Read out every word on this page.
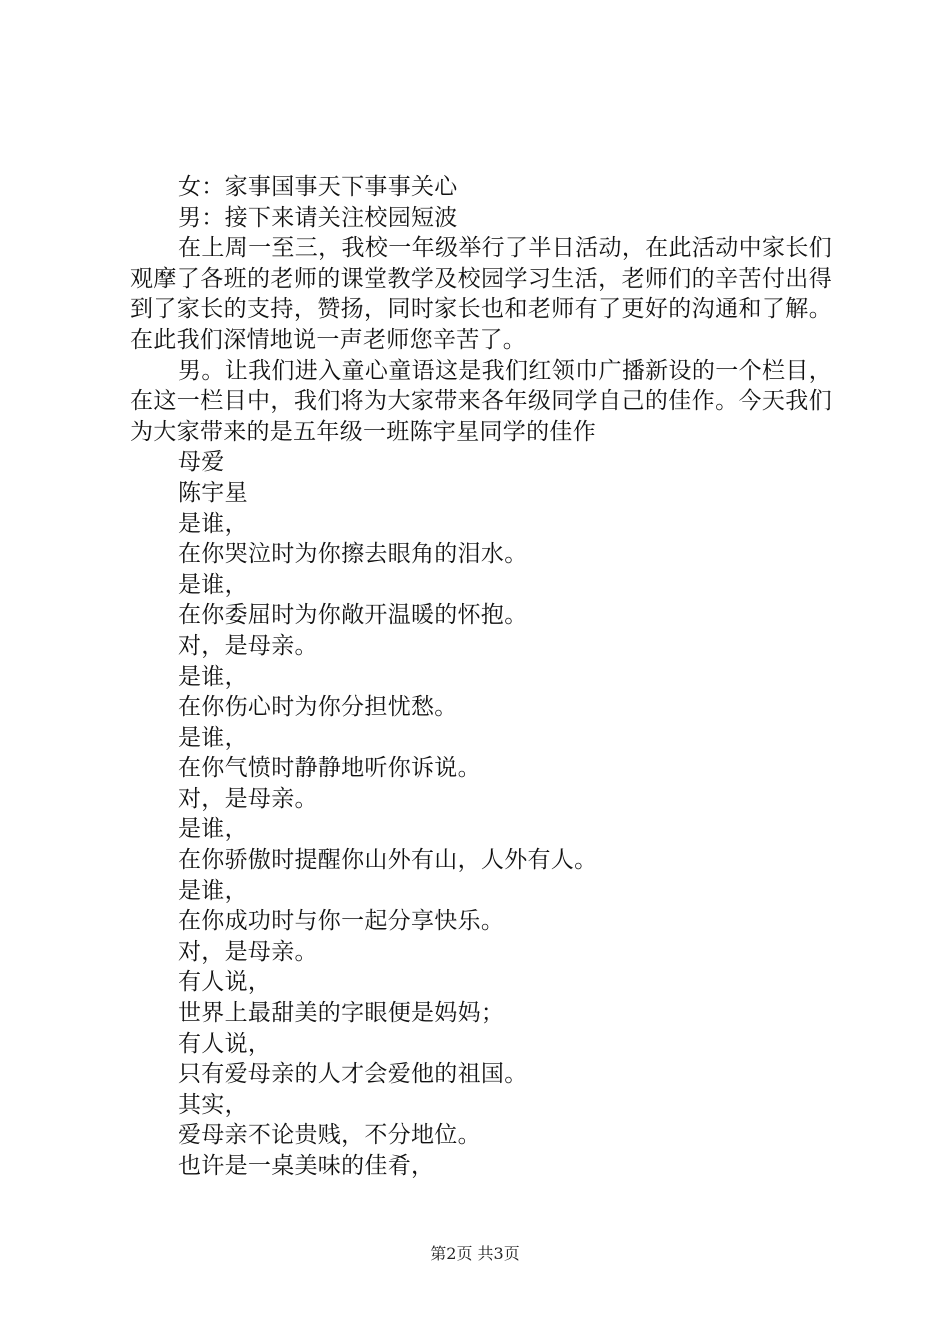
女：家事国事天下事事关心

男：接下来请关注校园短波

在上周一至三，我校一年级举行了半日活动，在此活动中家长们观摩了各班的老师的课堂教学及校园学习生活，老师们的辛苦付出得到了家长的支持，赞扬，同时家长也和老师有了更好的沟通和了解。在此我们深情地说一声老师您辛苦了。

男。让我们进入童心童语这是我们红领巾广播新设的一个栏目，在这一栏目中，我们将为大家带来各年级同学自己的佳作。今天我们为大家带来的是五年级一班陈宇星同学的佳作

母爱

陈宇星

是谁，

在你哭泣时为你擦去眼角的泪水。

是谁，

在你委屈时为你敞开温暖的怀抱。

对，是母亲。

是谁，

在你伤心时为你分担忧愁。

是谁，

在你气愤时静静地听你诉说。

对，是母亲。

是谁，

在你骄傲时提醒你山外有山，人外有人。

是谁，

在你成功时与你一起分享快乐。

对，是母亲。

有人说，

世界上最甜美的字眼便是妈妈；

有人说，

只有爱母亲的人才会爱他的祖国。

其实，

爱母亲不论贵贱，不分地位。

也许是一桌美味的佳肴，

第2页 共3页
